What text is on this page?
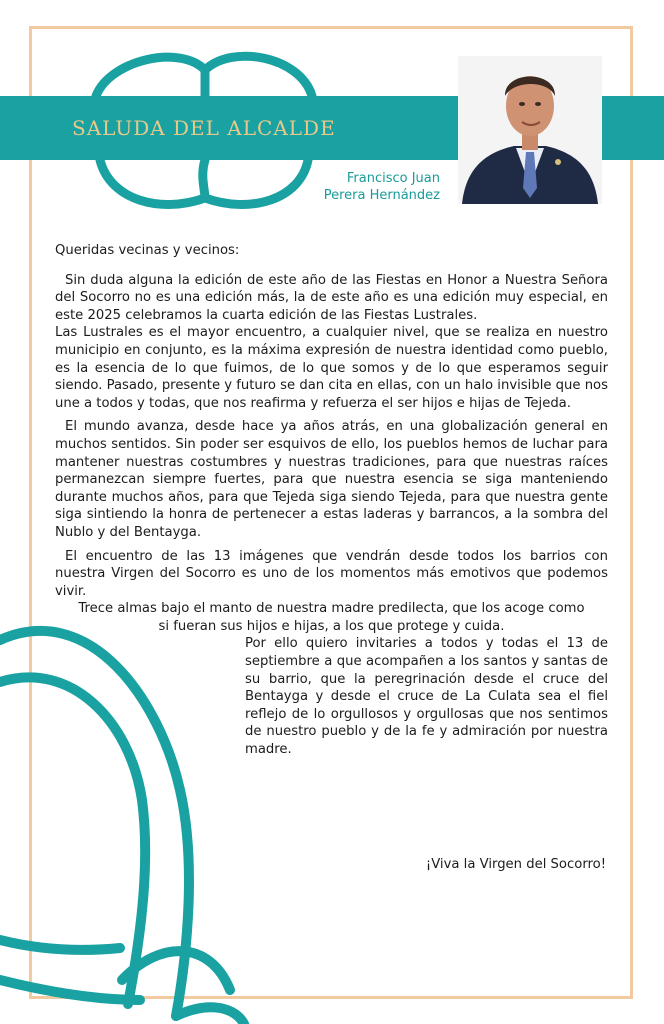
SALUDA DEL ALCALDE
Francisco Juan
Perera Hernández

Queridas vecinas y vecinos:

Sin duda alguna la edición de este año de las Fiestas en Honor a Nuestra Señora del Socorro no es una edición más, la de este año es una edición muy especial, en este 2025 celebramos la cuarta edición de las Fiestas Lustrales.

Las Lustrales es el mayor encuentro, a cualquier nivel, que se realiza en nuestro municipio en conjunto, es la máxima expresión de nuestra identidad como pueblo, es la esencia de lo que fuimos, de lo que somos y de lo que esperamos seguir siendo. Pasado, presente y futuro se dan cita en ellas, con un halo invisible que nos une a todos y todas, que nos reafirma y refuerza el ser hijos e hijas de Tejeda.

El mundo avanza, desde hace ya años atrás, en una globalización general en muchos sentidos. Sin poder ser esquivos de ello, los pueblos hemos de luchar para mantener nuestras costumbres y nuestras tradiciones, para que nuestras raíces permanezcan siempre fuertes, para que nuestra esencia se siga manteniendo durante muchos años, para que Tejeda siga siendo Tejeda, para que nuestra gente siga sintiendo la honra de pertenecer a estas laderas y barrancos, a la sombra del Nublo y del Bentayga.

El encuentro de las 13 imágenes que vendrán desde todos los barrios con nuestra Virgen del Socorro es uno de los momentos más emotivos que podemos vivir.

Trece almas bajo el manto de nuestra madre predilecta, que los acoge como

si fueran sus hijos e hijas, a los que protege y cuida.

Por ello quiero invitaries a todos y todas el 13 de septiembre a que acompañen a los santos y santas de su barrio, que la peregrinación desde el cruce del Bentayga y desde el cruce de La Culata sea el fiel reflejo de lo orgullosos y orgullosas que nos sentimos de nuestro pueblo y de la fe y admiración por nuestra madre.

¡Viva la Virgen del Socorro!
